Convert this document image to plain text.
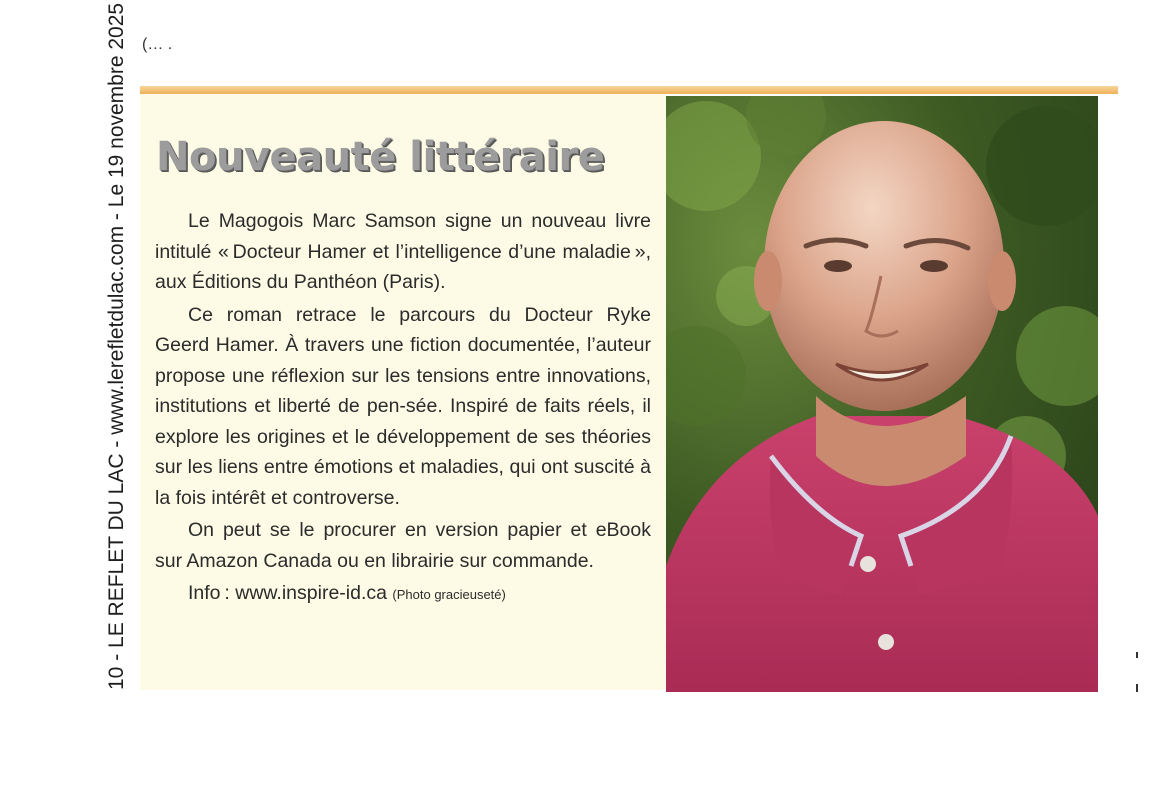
10 - LE REFLET DU LAC - www.lerefletdulac.com - Le 19 novembre 2025 (… .
Nouveauté littéraire

Le Magogois Marc Samson signe un nouveau livre intitulé « Docteur Hamer et l’intelligence d’une maladie », aux Éditions du Panthéon (Paris).

Ce roman retrace le parcours du Docteur Ryke Geerd Hamer. À travers une fiction documentée, l’auteur propose une réflexion sur les tensions entre innovations, institutions et liberté de pen-sée. Inspiré de faits réels, il explore les origines et le développement de ses théories sur les liens entre émotions et maladies, qui ont suscité à la fois intérêt et controverse.

On peut se le procurer en version papier et eBook sur Amazon Canada ou en librairie sur commande.

Info : www.inspire-id.ca (Photo gracieuseté)
